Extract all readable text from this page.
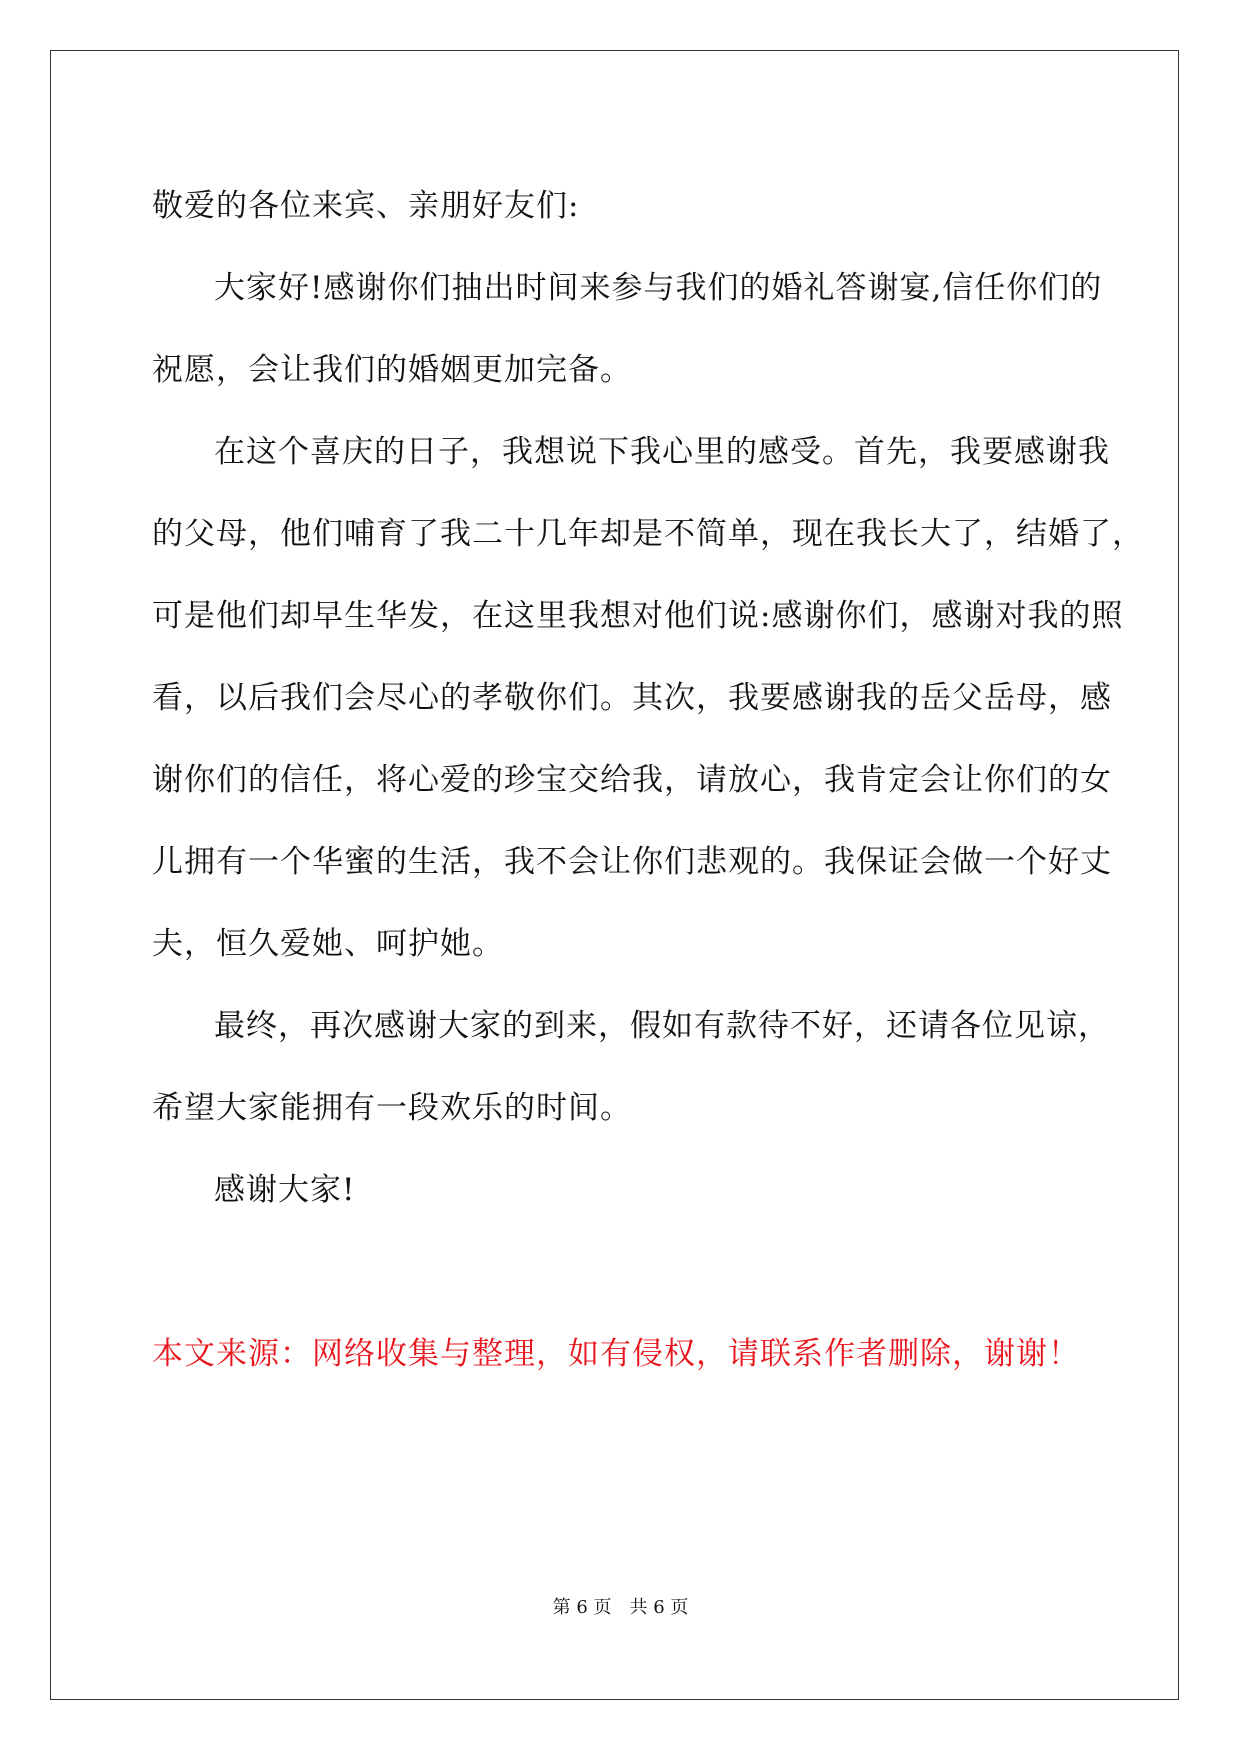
敬爱的各位来宾、亲朋好友们:
大家好!感谢你们抽出时间来参与我们的婚礼答谢宴,信任你们的
祝愿，会让我们的婚姻更加完备。
在这个喜庆的日子，我想说下我心里的感受。首先，我要感谢我
的父母，他们哺育了我二十几年却是不简单，现在我长大了，结婚了，
可是他们却早生华发，在这里我想对他们说:感谢你们，感谢对我的照
看，以后我们会尽心的孝敬你们。其次，我要感谢我的岳父岳母，感
谢你们的信任，将心爱的珍宝交给我，请放心，我肯定会让你们的女
儿拥有一个华蜜的生活，我不会让你们悲观的。我保证会做一个好丈
夫，恒久爱她、呵护她。
最终，再次感谢大家的到来，假如有款待不好，还请各位见谅，
希望大家能拥有一段欢乐的时间。
感谢大家!
本文来源：网络收集与整理，如有侵权，请联系作者删除，谢谢！
第 6 页 共 6 页
